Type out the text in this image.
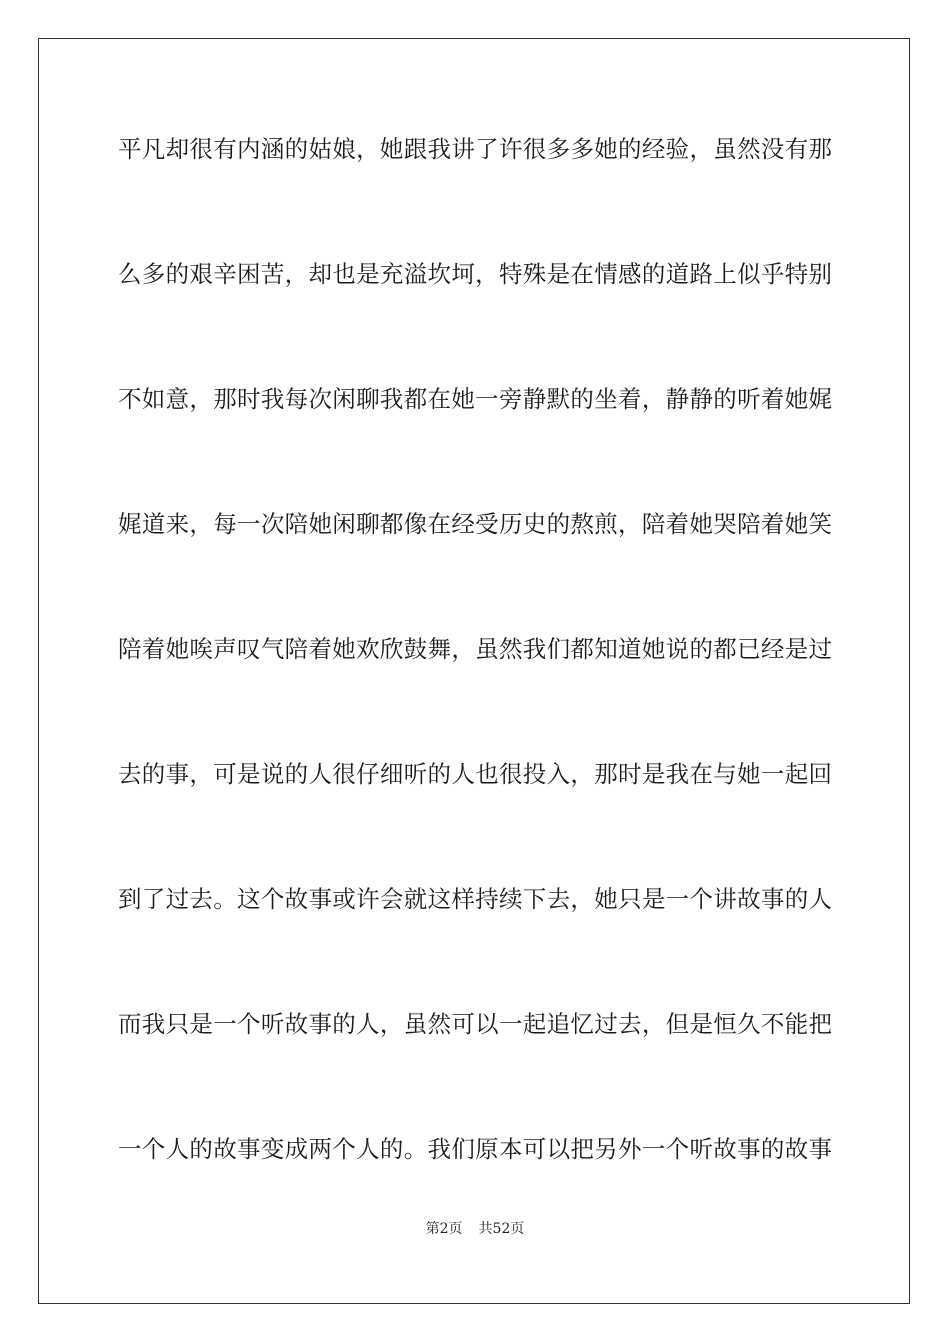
平凡却很有内涵的姑娘，她跟我讲了许很多多她的经验，虽然没有那
么多的艰辛困苦，却也是充溢坎坷，特殊是在情感的道路上似乎特别
不如意，那时我每次闲聊我都在她一旁静默的坐着，静静的听着她娓
娓道来，每一次陪她闲聊都像在经受历史的熬煎，陪着她哭陪着她笑
陪着她唉声叹气陪着她欢欣鼓舞，虽然我们都知道她说的都已经是过
去的事，可是说的人很仔细听的人也很投入，那时是我在与她一起回
到了过去。这个故事或许会就这样持续下去，她只是一个讲故事的人
而我只是一个听故事的人，虽然可以一起追忆过去，但是恒久不能把
一个人的故事变成两个人的。我们原本可以把另外一个听故事的故事
第2页 共52页
